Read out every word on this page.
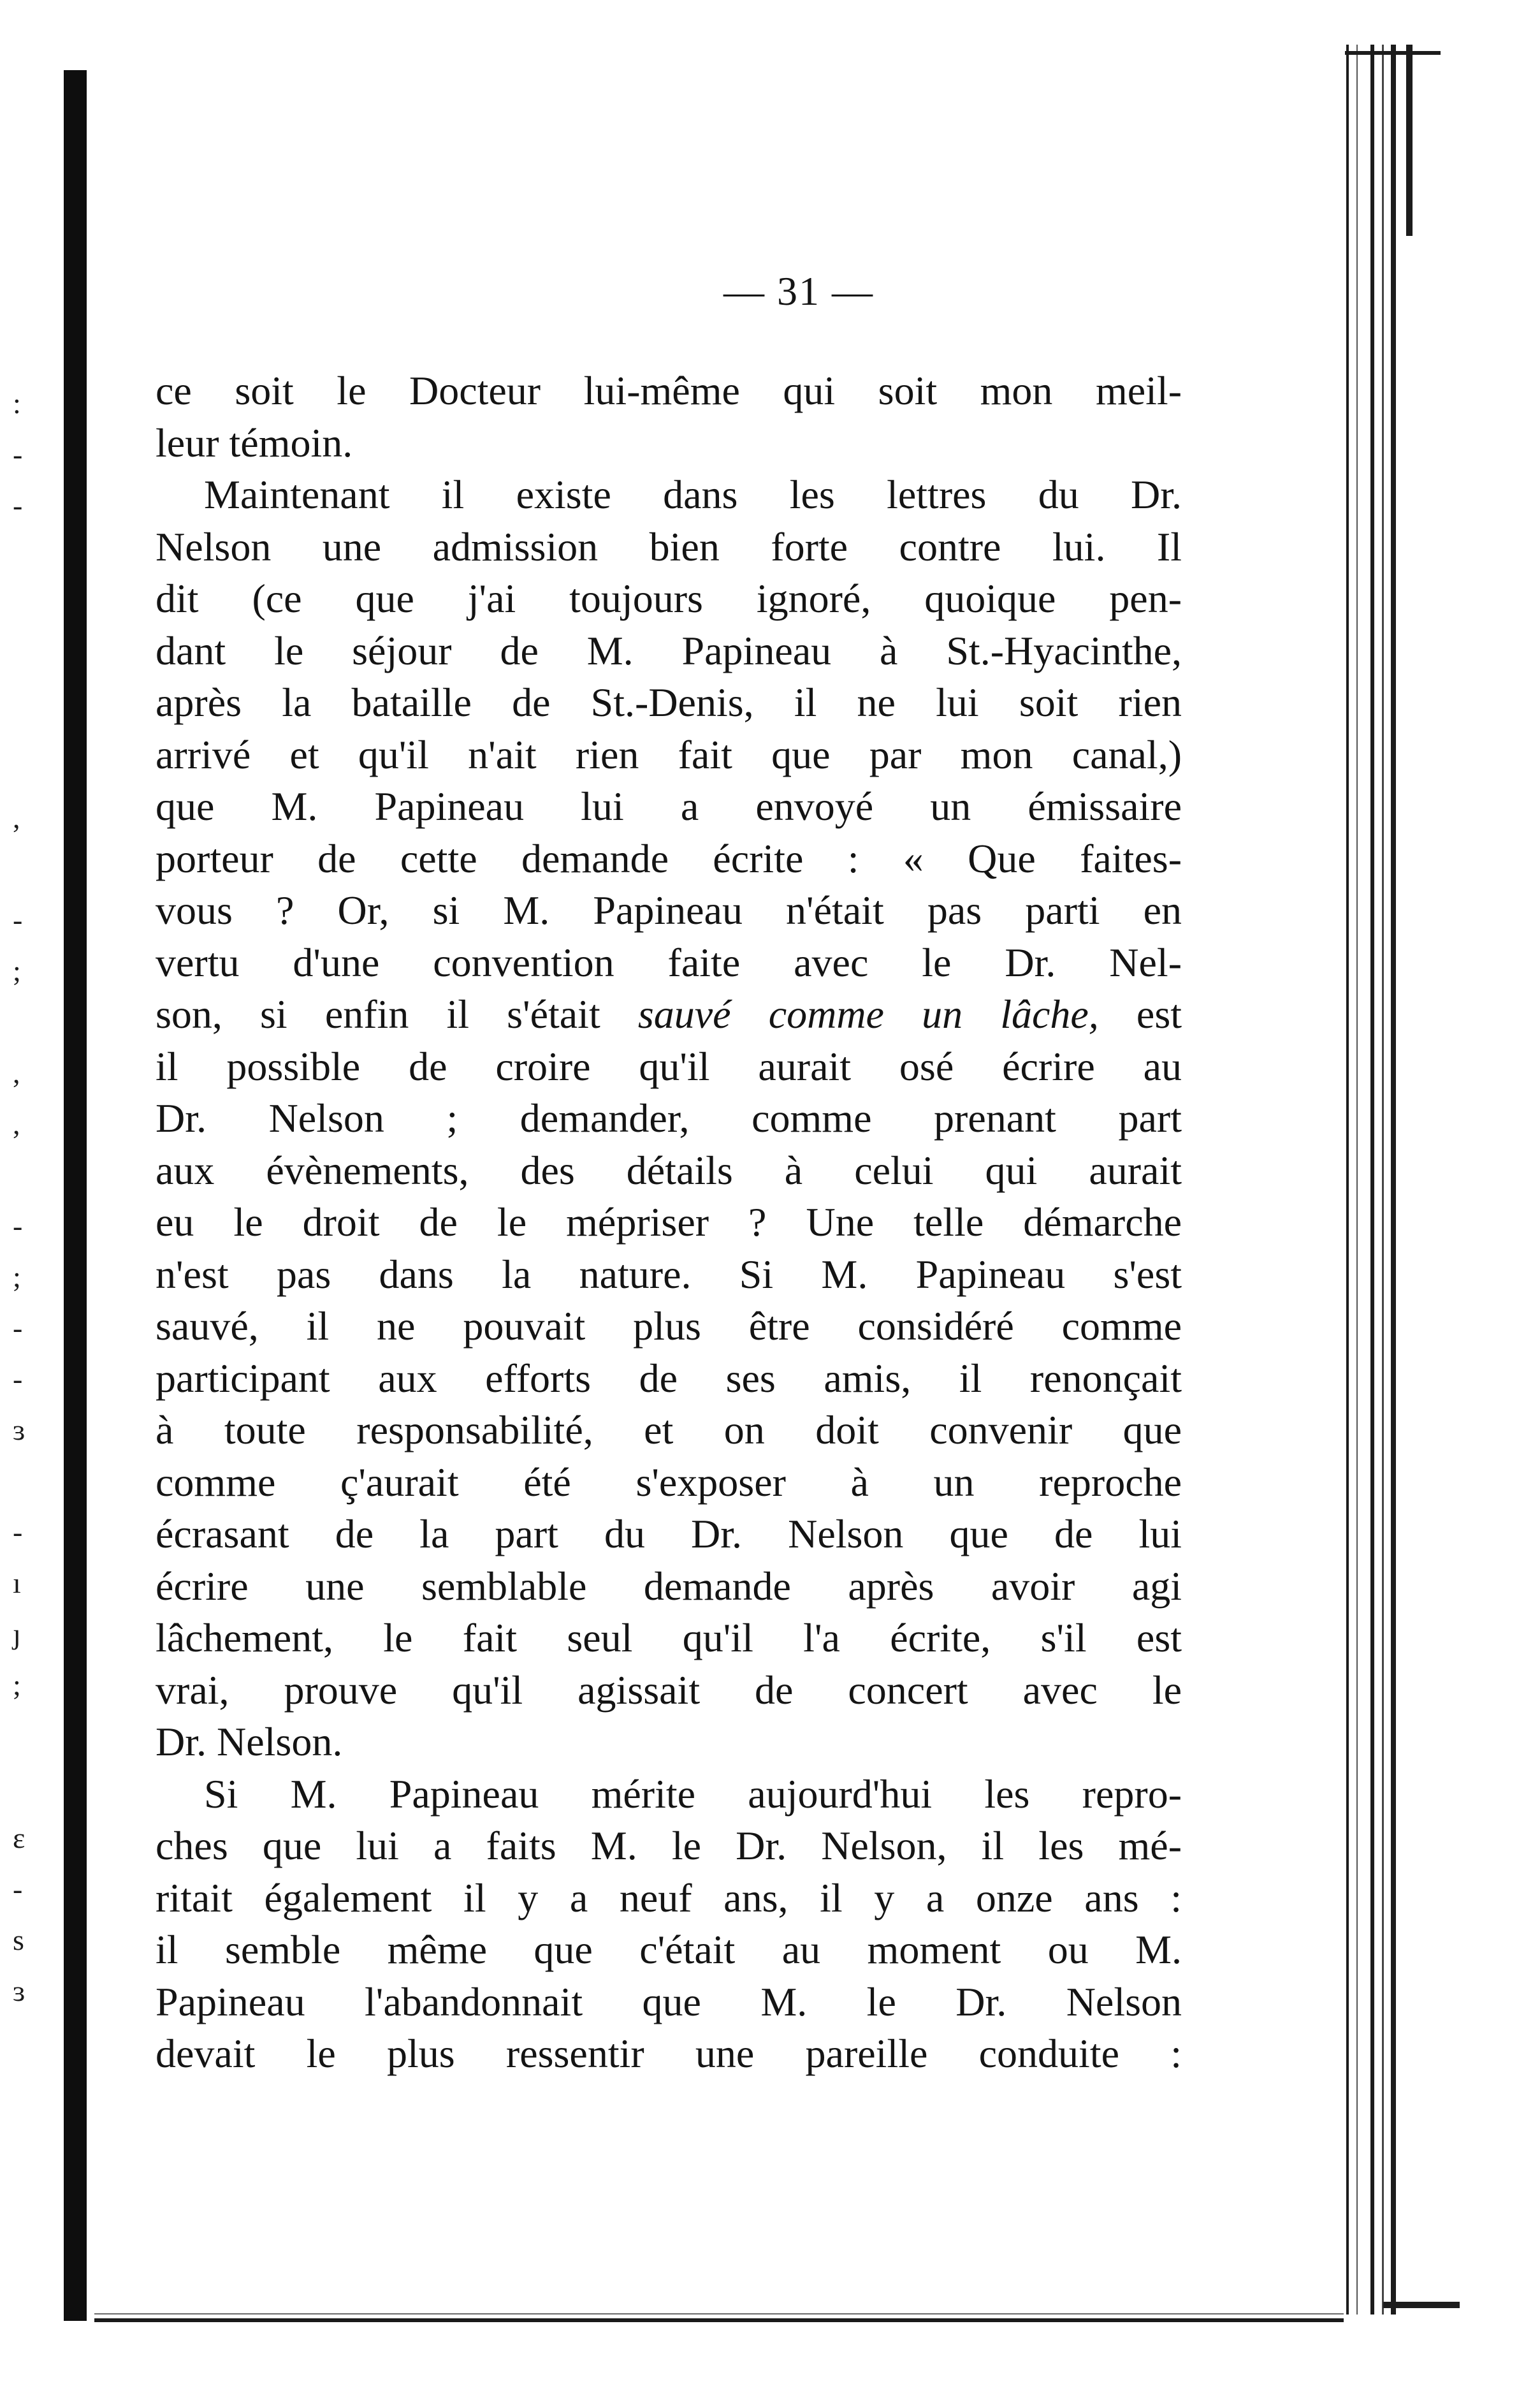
:
-
-
,
-
;
,
,
-
;
-
-
ɜ
-
ı
ȷ
;
ɛ
-
s
ɜ
— 31 —
ce soit le Docteur lui-même qui soit mon meil-
leur témoin.
Maintenant il existe dans les lettres du Dr.
Nelson une admission bien forte contre lui. Il
dit (ce que j'ai toujours ignoré, quoique pen-
dant le séjour de M. Papineau à St.-Hyacinthe,
après la bataille de St.-Denis, il ne lui soit rien
arrivé et qu'il n'ait rien fait que par mon canal,)
que M. Papineau lui a envoyé un émissaire
porteur de cette demande écrite : « Que faites-
vous ? Or, si M. Papineau n'était pas parti en
vertu d'une convention faite avec le Dr. Nel-
son, si enfin il s'était sauvé comme un lâche, est
il possible de croire qu'il aurait osé écrire au
Dr. Nelson ; demander, comme prenant part
aux évènements, des détails à celui qui aurait
eu le droit de le mépriser ? Une telle démarche
n'est pas dans la nature. Si M. Papineau s'est
sauvé, il ne pouvait plus être considéré comme
participant aux efforts de ses amis, il renonçait
à toute responsabilité, et on doit convenir que
comme ç'aurait été s'exposer à un reproche
écrasant de la part du Dr. Nelson que de lui
écrire une semblable demande après avoir agi
lâchement, le fait seul qu'il l'a écrite, s'il est
vrai, prouve qu'il agissait de concert avec le
Dr. Nelson.
Si M. Papineau mérite aujourd'hui les repro-
ches que lui a faits M. le Dr. Nelson, il les mé-
ritait également il y a neuf ans, il y a onze ans :
il semble même que c'était au moment ou M.
Papineau l'abandonnait que M. le Dr. Nelson
devait le plus ressentir une pareille conduite :
